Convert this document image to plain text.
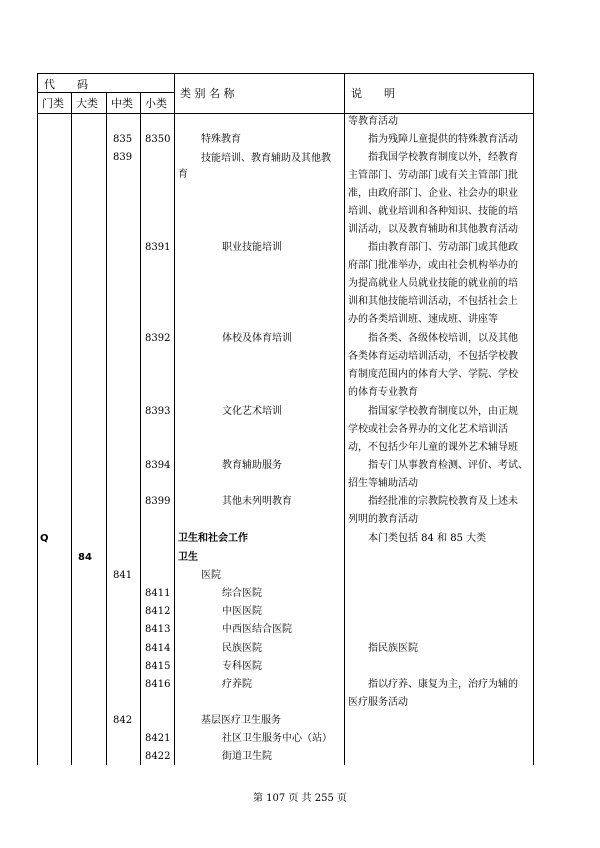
代　　码
门类 大类 中类 小类
类 别 名 称	说　　明
等教育活动
835 8350	特殊教育	　　指为残障儿童提供的特殊教育活动
839	技能培训、教育辅助及其他教
育
　　指我国学校教育制度以外，经教育
主管部门、劳动部门或有关主管部门批
准，由政府部门、企业、社会办的职业
培训、就业培训和各种知识、技能的培
训活动，以及教育辅助和其他教育活动
8391	职业技能培训	　　指由教育部门、劳动部门或其他政
府部门批准举办，或由社会机构举办的
为提高就业人员就业技能的就业前的培
训和其他技能培训活动，不包括社会上
办的各类培训班、速成班、讲座等
8392	体校及体育培训	　　指各类、各级体校培训，以及其他
各类体育运动培训活动，不包括学校教
育制度范围内的体育大学、学院、学校
的体育专业教育
8393	文化艺术培训	　　指国家学校教育制度以外，由正规
学校或社会各界办的文化艺术培训活
动，不包括少年儿童的课外艺术辅导班
8394	教育辅助服务	　　指专门从事教育检测、评价、考试、
招生等辅助活动
8399	其他未列明教育	　　指经批准的宗教院校教育及上述未
列明的教育活动
Q	卫生和社会工作	　　本门类包括 84 和 85 大类
84	卫生
841	医院
8411	综合医院
8412	中医医院
8413	中西医结合医院
8414	民族医院	　　指民族医院
8415	专科医院
8416	疗养院	　　指以疗养、康复为主，治疗为辅的
医疗服务活动
842	基层医疗卫生服务
8421	社区卫生服务中心（站）
8422	街道卫生院
第 107 页 共 255 页
